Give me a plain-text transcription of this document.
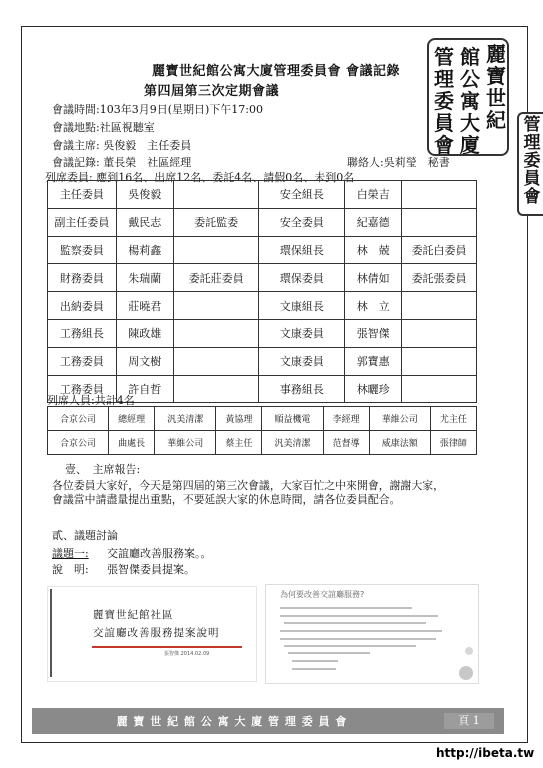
麗
寶
世
紀
館
公
寓
大
廈
管
理
委
員
會
管
理
委
員
會
麗寶世紀館公寓大廈管理委員會 會議記錄
第四屆第三次定期會議
會議時間:103年3月9日(星期日)下午17:00
會議地點:社區視聽室
會議主席: 吳俊毅　主任委員
會議記錄: 董長榮　社區經理	聯絡人:吳莉瑩　秘書
列席委員: 應到16名、出席12名、委託4名、請假0名、未到0名
主任委員	吳俊毅		安全組長	白榮吉	
副主任委員	戴民志	委託監委	安全委員	紀嘉德	
監察委員	楊莉鑫		環保組長	林　兢	委託白委員
財務委員	朱瑞蘭	委託莊委員	環保委員	林倩如	委託張委員
出納委員	莊曉君		文康組長	林　立	
工務組長	陳政雄		文康委員	張智傑	
工務委員	周文樹		文康委員	郭寶惠	
工務委員	許自哲		事務組長	林曬珍	
列席人員:共計4名
合京公司	總經理	汎美清潔	黃協理	順益機電	李經理	華維公司	尤主任
合京公司	曲處長	華維公司	蔡主任	汎美清潔	范督導	威康法額	張律師
壹、　主席報告:
各位委員大家好，今天是第四屆的第三次會議，大家百忙之中來開會，謝謝大家，
會議當中請盡量提出重點，不要延誤大家的休息時間，請各位委員配合。
貳、議題討論
議題一: 交誼廳改善服務案。。
說　明: 張智傑委員提案。
麗寶世紀館社區
交誼廳改善服務提案說明
張智傑 2014.02.09
為何要改善交誼廳服務?
麗 寶 世 紀 館 公 寓 大 廈 管 理 委 員 會	頁 1
http://ibeta.tw
